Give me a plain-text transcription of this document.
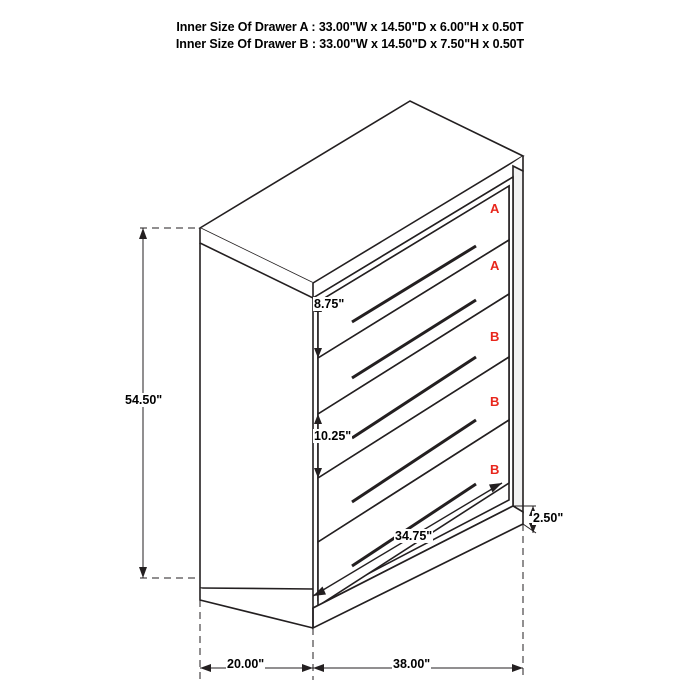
Inner Size Of Drawer A : 33.00"W x 14.50"D x 6.00"H x 0.50T
Inner Size Of Drawer B : 33.00"W x 14.50"D x 7.50"H x 0.50T
A
A
B
B
B
54.50"
8.75"
10.25"
2.50"
34.75"
20.00"	38.00"
